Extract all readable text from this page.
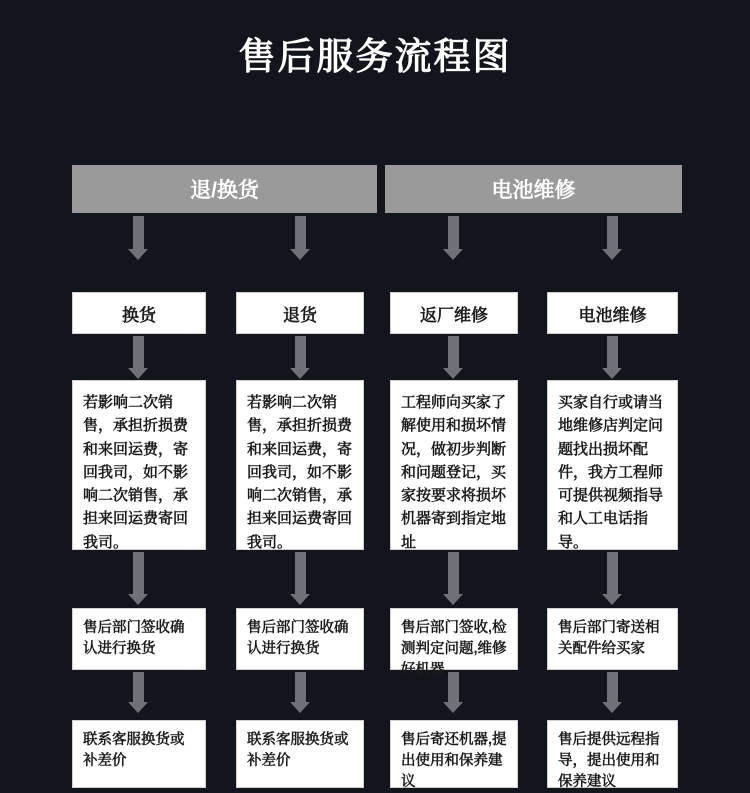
售后服务流程图
退/换货	电池维修
换货	退货	返厂维修	电池维修
若影响二次销售，承担折损费和来回运费，寄回我司，如不影响二次销售，承担来回运费寄回我司。
若影响二次销售，承担折损费和来回运费，寄回我司，如不影响二次销售，承担来回运费寄回我司。
工程师向买家了解使用和损坏情况，做初步判断和问题登记，买家按要求将损坏机器寄到指定地址
买家自行或请当地维修店判定问题找出损坏配件，我方工程师可提供视频指导和人工电话指导。
售后部门签收确认进行换货
售后部门签收确认进行换货
售后部门签收,检测判定问题,维修好机器
售后部门寄送相关配件给买家
联系客服换货或补差价
联系客服换货或补差价
售后寄还机器,提出使用和保养建议
售后提供远程指导，提出使用和保养建议
